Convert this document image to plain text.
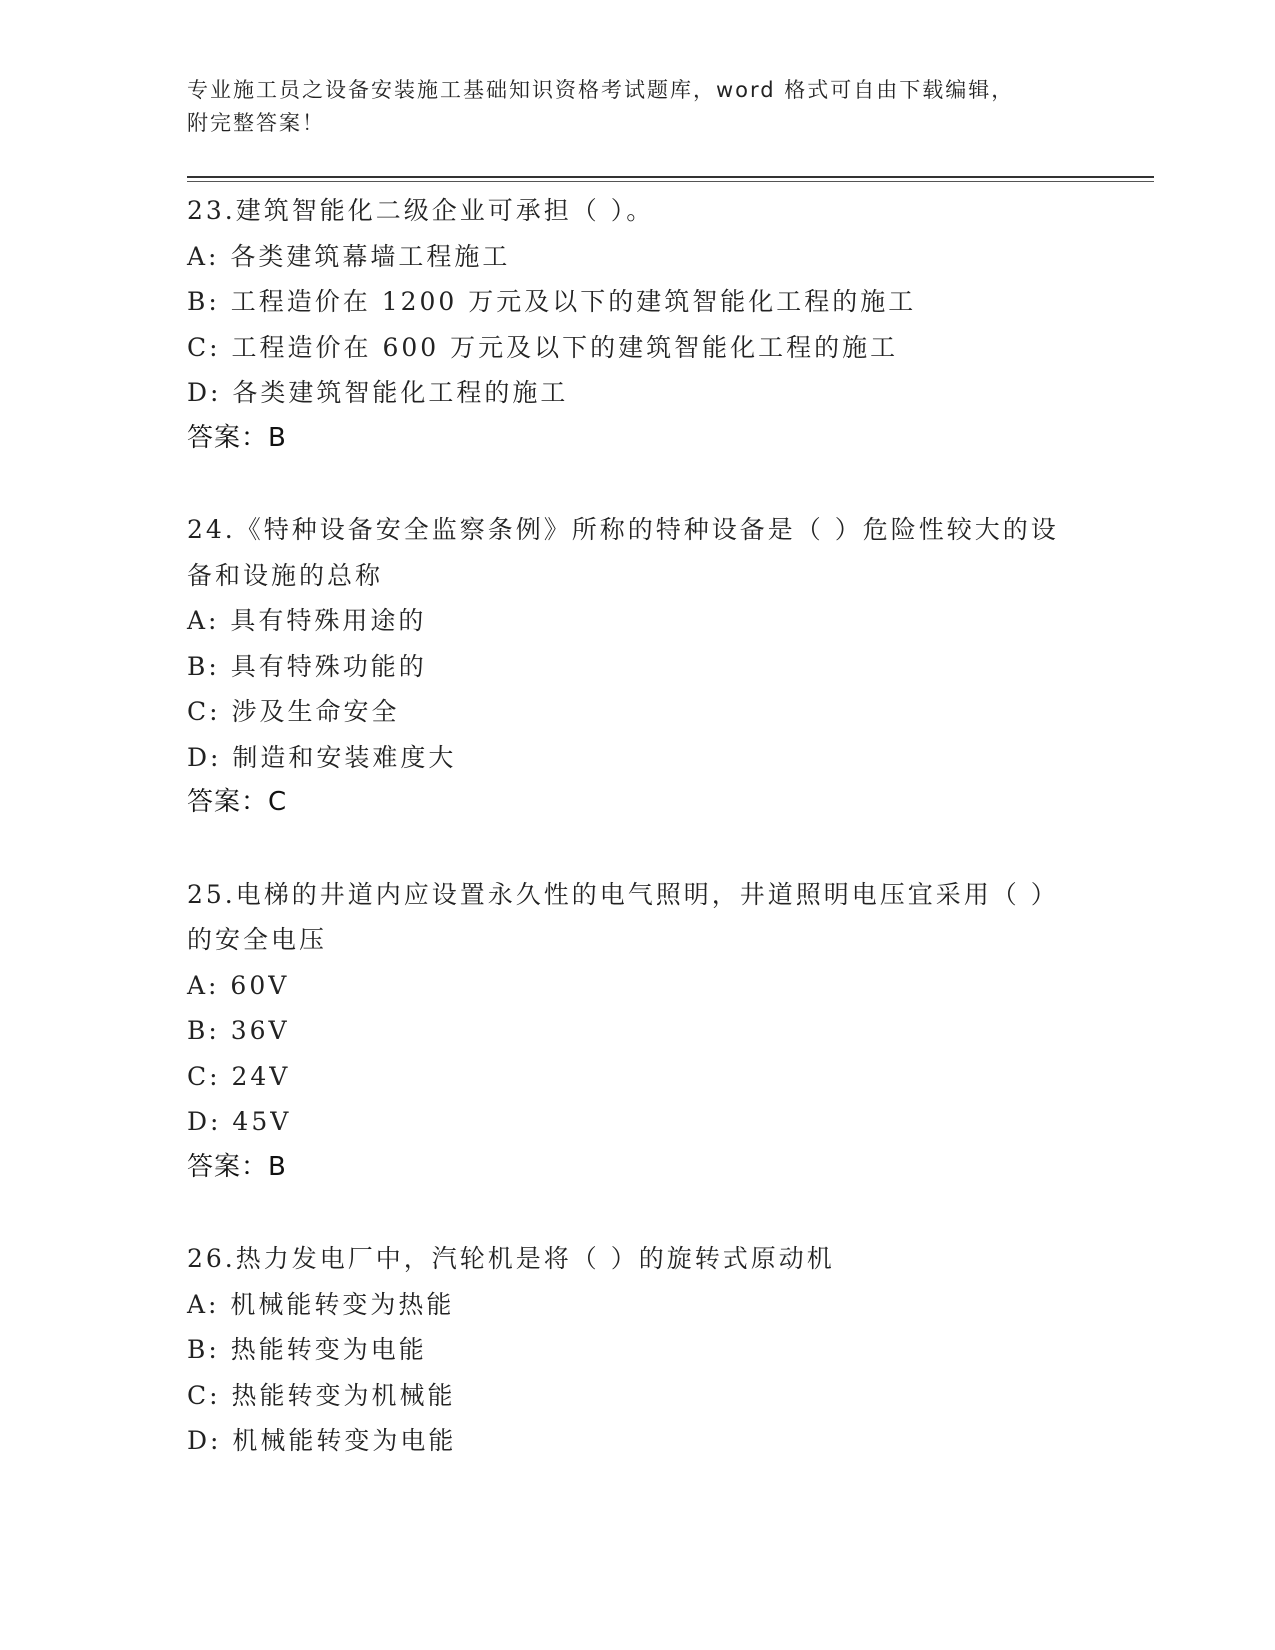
专业施工员之设备安装施工基础知识资格考试题库，word 格式可自由下载编辑，
附完整答案！
23.建筑智能化二级企业可承担（ ）。
A: 各类建筑幕墙工程施工
B: 工程造价在 1200 万元及以下的建筑智能化工程的施工
C: 工程造价在 600 万元及以下的建筑智能化工程的施工
D: 各类建筑智能化工程的施工
答案：B
24.《特种设备安全监察条例》所称的特种设备是（ ）危险性较大的设备和设施的总称
A: 具有特殊用途的
B: 具有特殊功能的
C: 涉及生命安全
D: 制造和安装难度大
答案：C
25.电梯的井道内应设置永久性的电气照明，井道照明电压宜采用（ ）的安全电压
A: 60V
B: 36V
C: 24V
D: 45V
答案：B
26.热力发电厂中，汽轮机是将（ ）的旋转式原动机
A: 机械能转变为热能
B: 热能转变为电能
C: 热能转变为机械能
D: 机械能转变为电能
